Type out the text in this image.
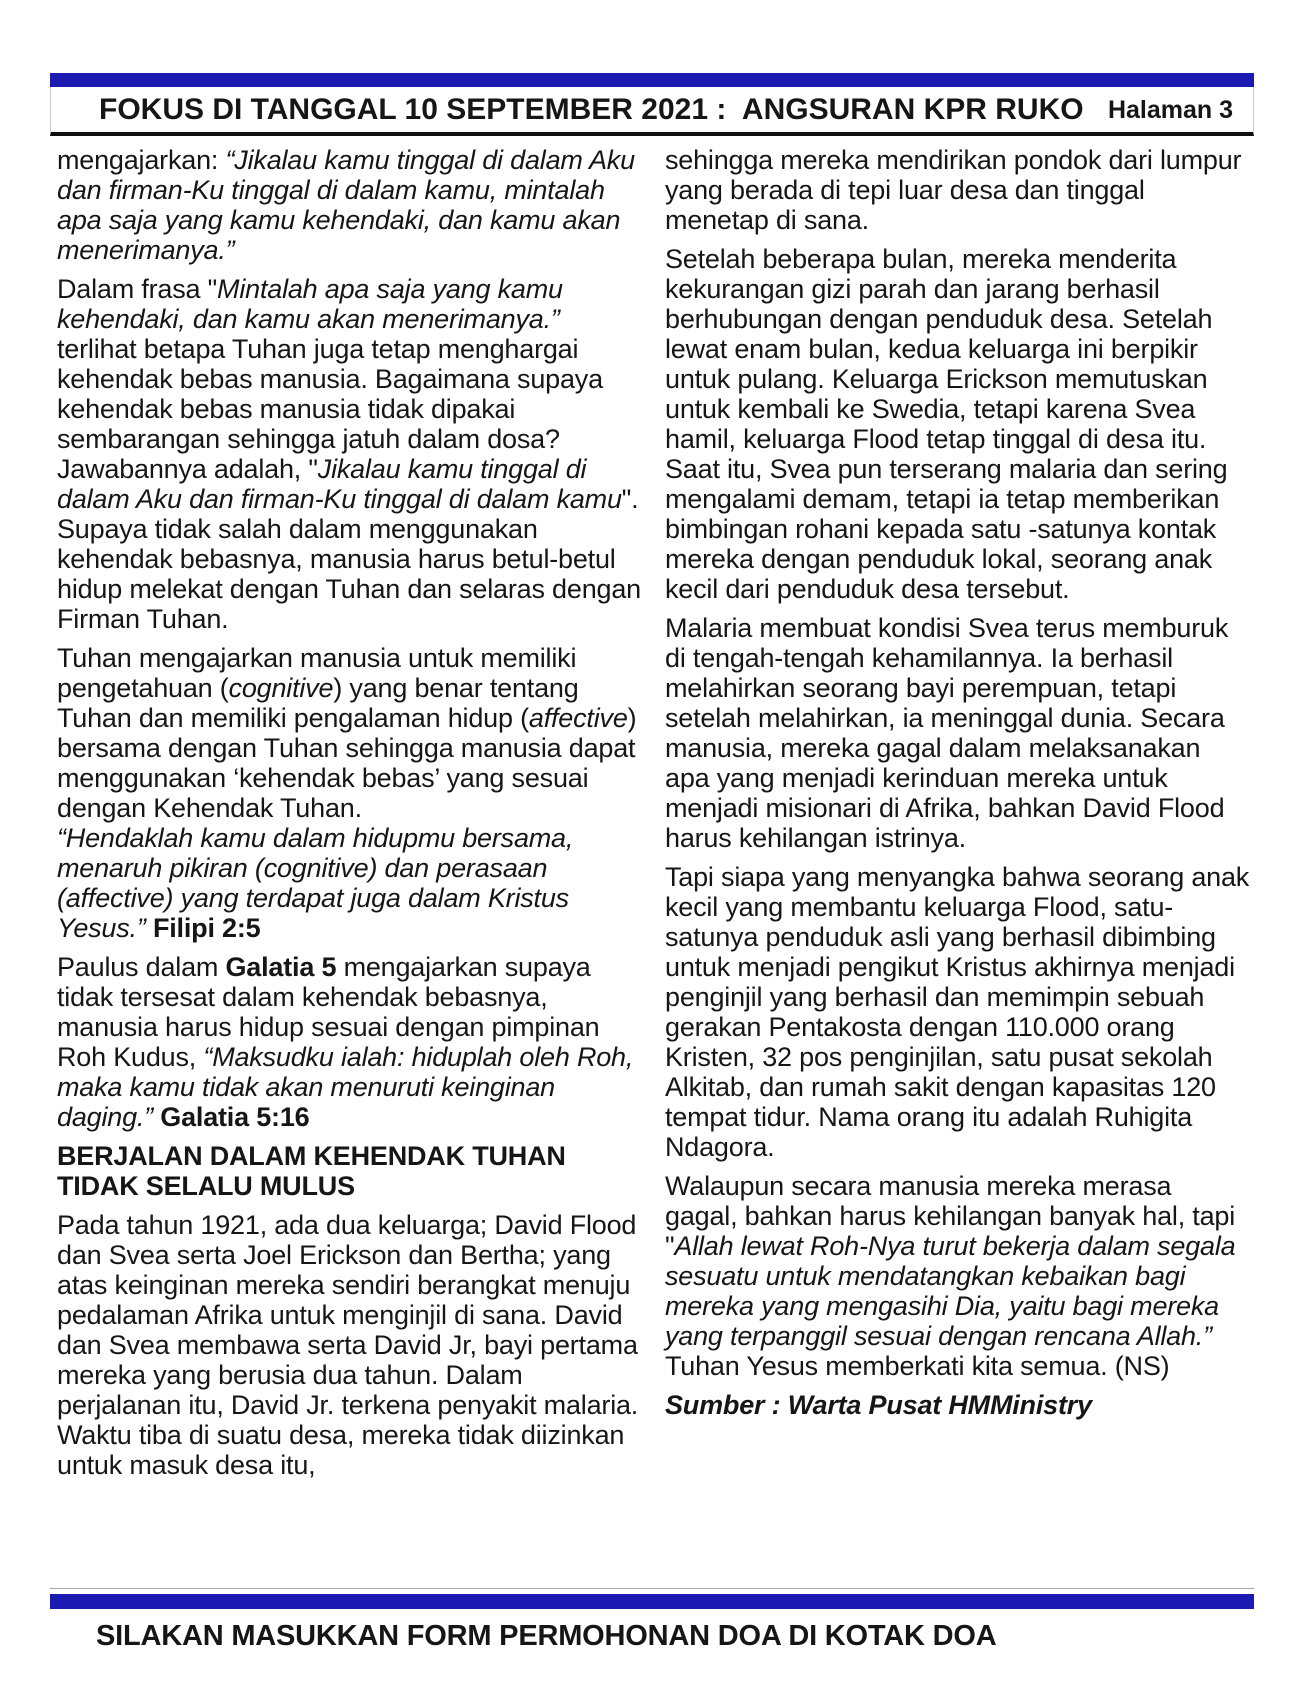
FOKUS DI TANGGAL 10 SEPTEMBER 2021 :  ANGSURAN KPR RUKO Halaman 3
mengajarkan: “Jikalau kamu tinggal di dalam Aku dan firman-Ku tinggal di dalam kamu, mintalah apa saja yang kamu kehendaki, dan kamu akan menerimanya.”
Dalam frasa "Mintalah apa saja yang kamu kehendaki, dan kamu akan menerimanya.” terlihat betapa Tuhan juga tetap menghargai kehendak bebas manusia. Bagaimana supaya kehendak bebas manusia tidak dipakai sembarangan sehingga jatuh dalam dosa? Jawabannya adalah, "Jikalau kamu tinggal di dalam Aku dan firman-Ku tinggal di dalam kamu". Supaya tidak salah dalam menggunakan kehendak bebasnya, manusia harus betul-betul hidup melekat dengan Tuhan dan selaras dengan Firman Tuhan.
Tuhan mengajarkan manusia untuk memiliki pengetahuan (cognitive) yang benar tentang Tuhan dan memiliki pengalaman hidup (affective) bersama dengan Tuhan sehingga manusia dapat menggunakan ‘kehendak bebas’ yang sesuai dengan Kehendak Tuhan.
“Hendaklah kamu dalam hidupmu bersama, menaruh pikiran (cognitive) dan perasaan (affective) yang terdapat juga dalam Kristus Yesus.” Filipi 2:5
Paulus dalam Galatia 5 mengajarkan supaya tidak tersesat dalam kehendak bebasnya, manusia harus hidup sesuai dengan pimpinan Roh Kudus, “Maksudku ialah: hiduplah oleh Roh, maka kamu tidak akan menuruti keinginan daging.” Galatia 5:16
BERJALAN DALAM KEHENDAK TUHAN
TIDAK SELALU MULUS
Pada tahun 1921, ada dua keluarga; David Flood dan Svea serta Joel Erickson dan Bertha; yang atas keinginan mereka sendiri berangkat menuju pedalaman Afrika untuk menginjil di sana. David dan Svea membawa serta David Jr, bayi pertama mereka yang berusia dua tahun. Dalam perjalanan itu, David Jr. terkena penyakit malaria. Waktu tiba di suatu desa, mereka tidak diizinkan untuk masuk desa itu,
sehingga mereka mendirikan pondok dari lumpur yang berada di tepi luar desa dan tinggal menetap di sana.
Setelah beberapa bulan, mereka menderita kekurangan gizi parah dan jarang berhasil berhubungan dengan penduduk desa. Setelah lewat enam bulan, kedua keluarga ini berpikir untuk pulang. Keluarga Erickson memutuskan untuk kembali ke Swedia, tetapi karena Svea hamil, keluarga Flood tetap tinggal di desa itu. Saat itu, Svea pun terserang malaria dan sering mengalami demam, tetapi ia tetap memberikan bimbingan rohani kepada satu -satunya kontak mereka dengan penduduk lokal, seorang anak kecil dari penduduk desa tersebut.
Malaria membuat kondisi Svea terus memburuk di tengah-tengah kehamilannya. Ia berhasil melahirkan seorang bayi perempuan, tetapi setelah melahirkan, ia meninggal dunia. Secara manusia, mereka gagal dalam melaksanakan apa yang menjadi kerinduan mereka untuk menjadi misionari di Afrika, bahkan David Flood harus kehilangan istrinya.
Tapi siapa yang menyangka bahwa seorang anak kecil yang membantu keluarga Flood, satu-satunya penduduk asli yang berhasil dibimbing untuk menjadi pengikut Kristus akhirnya menjadi penginjil yang berhasil dan memimpin sebuah gerakan Pentakosta dengan 110.000 orang Kristen, 32 pos penginjilan, satu pusat sekolah Alkitab, dan rumah sakit dengan kapasitas 120 tempat tidur. Nama orang itu adalah Ruhigita Ndagora.
Walaupun secara manusia mereka merasa gagal, bahkan harus kehilangan banyak hal, tapi "Allah lewat Roh-Nya turut bekerja dalam segala sesuatu untuk mendatangkan kebaikan bagi mereka yang mengasihi Dia, yaitu bagi mereka yang terpanggil sesuai dengan rencana Allah.” Tuhan Yesus memberkati kita semua. (NS)
Sumber : Warta Pusat HMMinistry
SILAKAN MASUKKAN FORM PERMOHONAN DOA DI KOTAK DOA
